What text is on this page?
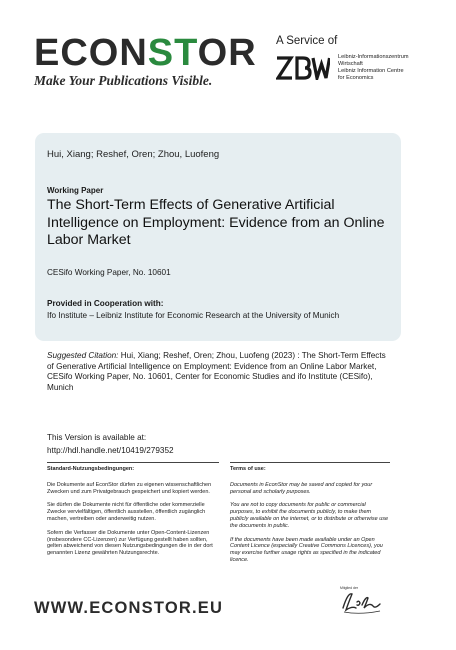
ECONSTOR
Make Your Publications Visible.
A Service of
Leibniz-Informationszentrum
Wirtschaft
Leibniz Information Centre
for Economics
Hui, Xiang; Reshef, Oren; Zhou, Luofeng
Working Paper
The Short-Term Effects of Generative Artificial Intelligence on Employment: Evidence from an Online Labor Market
CESifo Working Paper, No. 10601
Provided in Cooperation with:
Ifo Institute – Leibniz Institute for Economic Research at the University of Munich
Suggested Citation: Hui, Xiang; Reshef, Oren; Zhou, Luofeng (2023) : The Short-Term Effects of Generative Artificial Intelligence on Employment: Evidence from an Online Labor Market, CESifo Working Paper, No. 10601, Center for Economic Studies and ifo Institute (CESifo), Munich
This Version is available at:
http://hdl.handle.net/10419/279352
Standard-Nutzungsbedingungen:

Die Dokumente auf EconStor dürfen zu eigenen wissenschaftlichen Zwecken und zum Privatgebrauch gespeichert und kopiert werden.

Sie dürfen die Dokumente nicht für öffentliche oder kommerzielle Zwecke vervielfältigen, öffentlich ausstellen, öffentlich zugänglich machen, vertreiben oder anderweitig nutzen.

Sofern die Verfasser die Dokumente unter Open-Content-Lizenzen (insbesondere CC-Lizenzen) zur Verfügung gestellt haben sollten, gelten abweichend von diesen Nutzungsbedingungen die in der dort genannten Lizenz gewährten Nutzungsrechte.

Terms of use:

Documents in EconStor may be saved and copied for your personal and scholarly purposes.

You are not to copy documents for public or commercial purposes, to exhibit the documents publicly, to make them publicly available on the internet, or to distribute or otherwise use the documents in public.

If the documents have been made available under an Open Content Licence (especially Creative Commons Licences), you may exercise further usage rights as specified in the indicated licence.

WWW.ECONSTOR.EU
Mitglied der
